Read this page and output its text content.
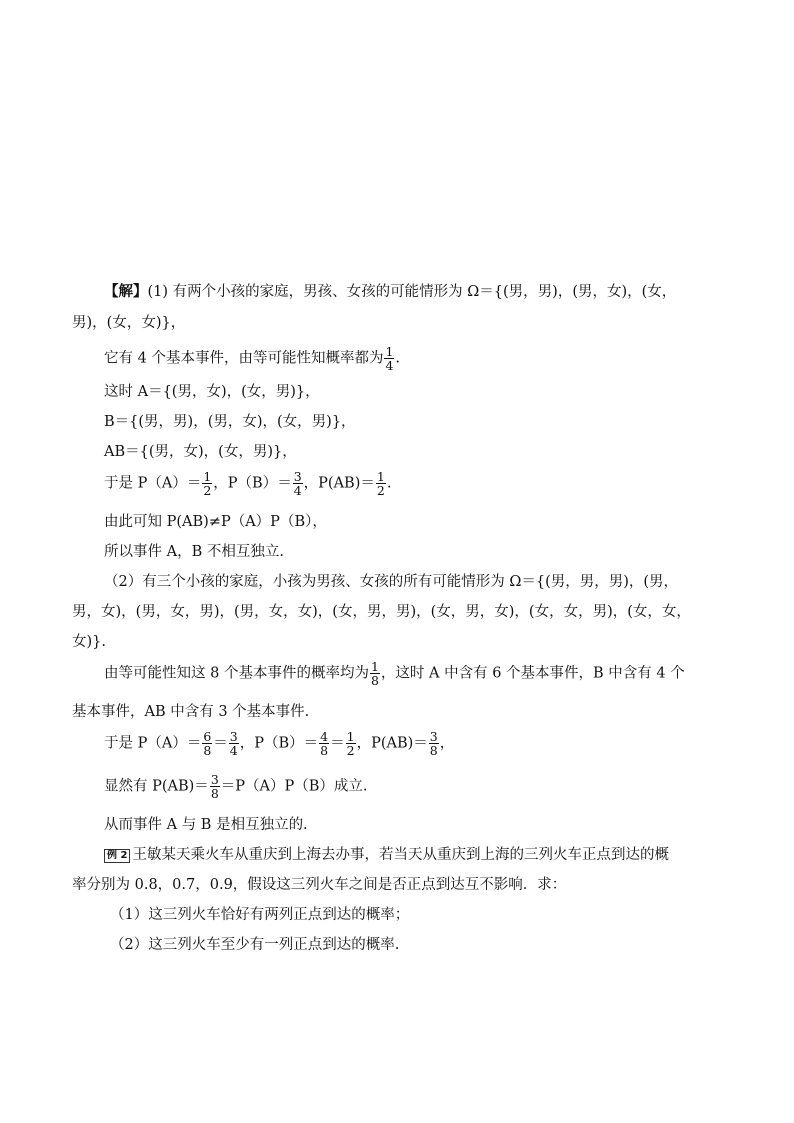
【解】(1) 有两个小孩的家庭，男孩、女孩的可能情形为 Ω＝{(男，男)，(男，女)，(女，
男)，(女，女)}，
它有 4 个基本事件，由等可能性知概率都为 $\frac{1}{4}$ .
这时 A＝{(男，女)，(女，男)}，
B＝{(男，男)，(男，女)，(女，男)}，
AB＝{(男，女)，(女，男)}，
于是 $P(A)= \frac{1}{2}$ ，$P(B)= \frac{3}{4}$ ，$P(AB)= \frac{1}{2}$ .
由此可知 P(AB)≠P（A）P（B），
所以事件 A，B 不相互独立.
（2）有三个小孩的家庭，小孩为男孩、女孩的所有可能情形为 Ω＝{(男，男，男)，(男，
男，女)，(男，女，男)，(男，女，女)，(女，男，男)，(女，男，女)，(女，女，男)，(女，女，
女)}.
由等可能性知这 8 个基本事件的概率均为 $\frac{1}{8}$ ，这时 A 中含有 6 个基本事件，B 中含有 4 个
基本事件，AB 中含有 3 个基本事件.
于是 $P(A)= \frac{6}{8} = \frac{3}{4}$ ，$P(B)= \frac{4}{8} = \frac{1}{2}$ ，$P(AB)= \frac{3}{8}$ ，
显然有 $P(AB)= \frac{3}{8} =P(A)P(B)$成立.
从而事件 A 与 B 是相互独立的.
例 2 王敏某天乘火车从重庆到上海去办事，若当天从重庆到上海的三列火车正点到达的概
率分别为 0.8，0.7，0.9，假设这三列火车之间是否正点到达互不影响．求：
（1）这三列火车恰好有两列正点到达的概率；
（2）这三列火车至少有一列正点到达的概率.
